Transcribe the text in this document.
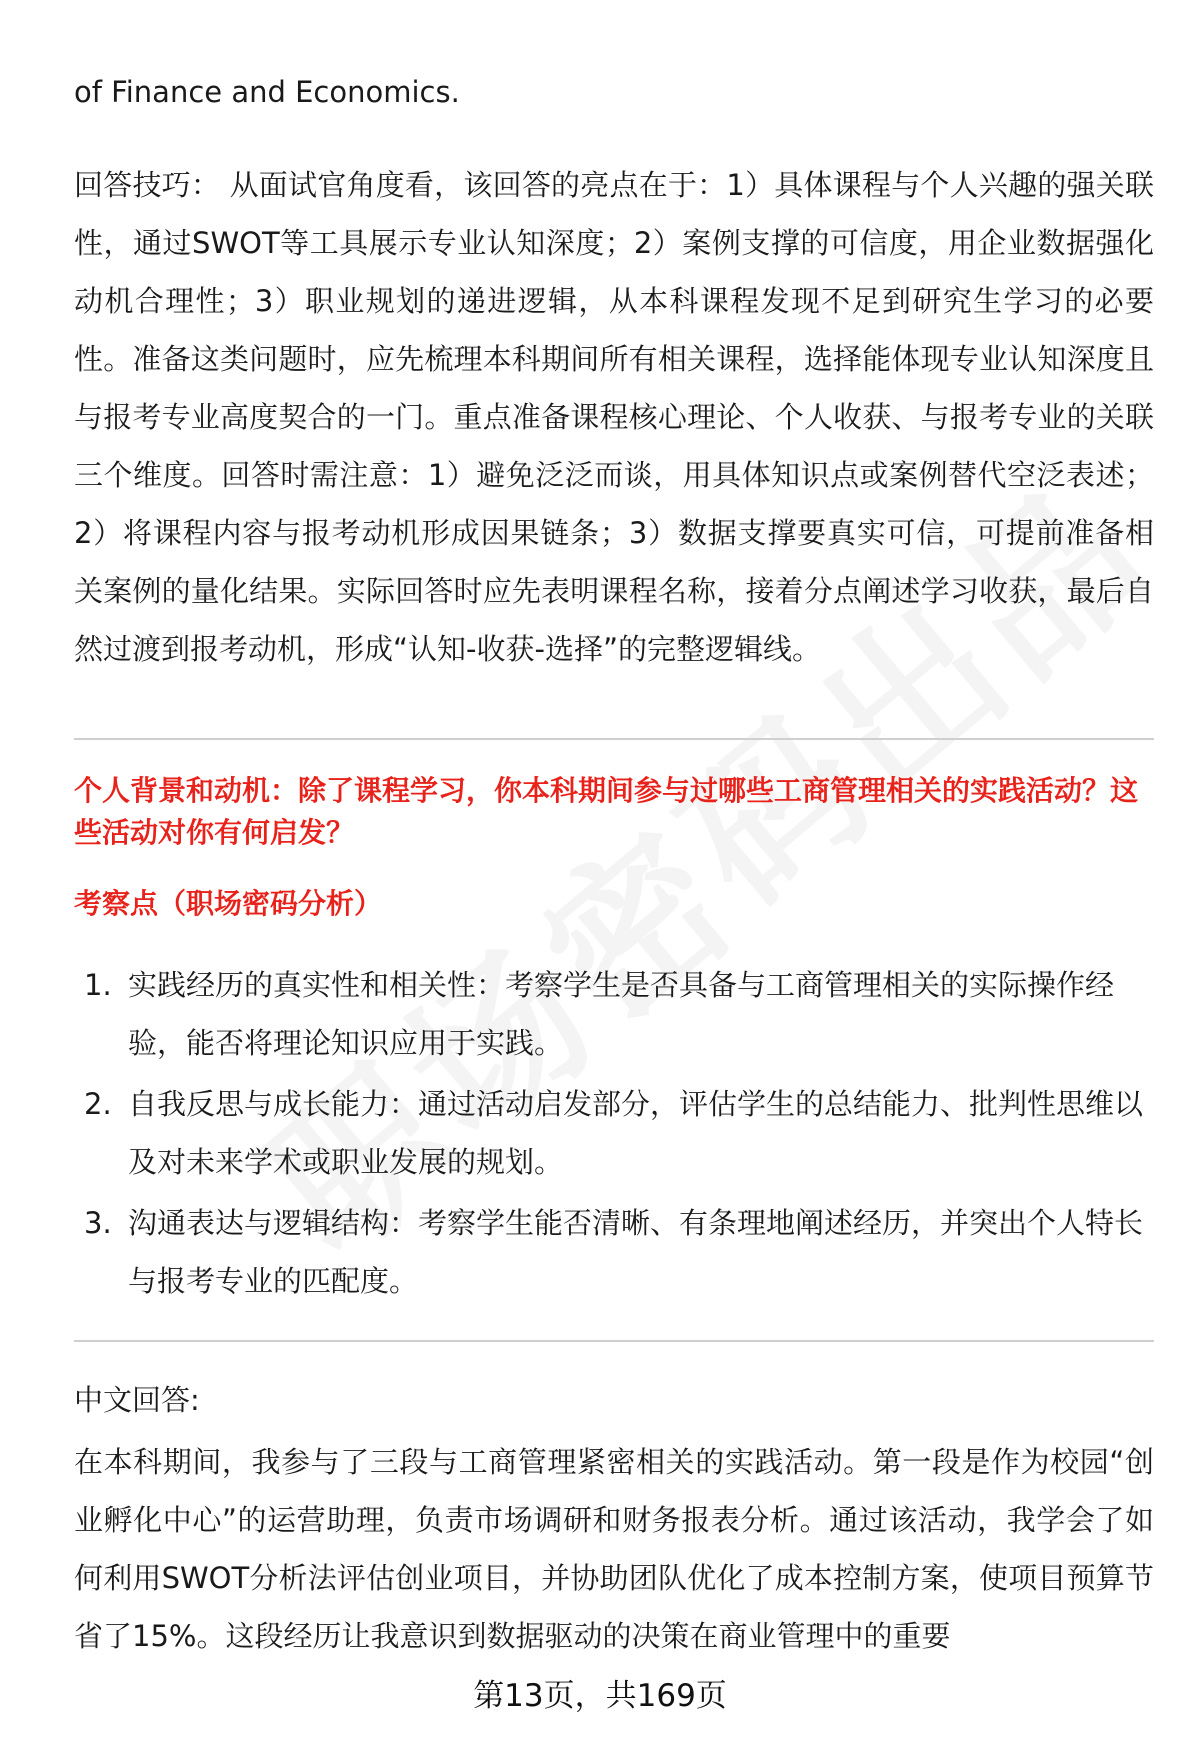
of Finance and Economics.

回答技巧： 从面试官角度看，该回答的亮点在于：1）具体课程与个人兴趣的强关联性，通过SWOT等工具展示专业认知深度；2）案例支撑的可信度，用企业数据强化动机合理性；3）职业规划的递进逻辑，从本科课程发现不足到研究生学习的必要性。准备这类问题时，应先梳理本科期间所有相关课程，选择能体现专业认知深度且与报考专业高度契合的一门。重点准备课程核心理论、个人收获、与报考专业的关联三个维度。回答时需注意：1）避免泛泛而谈，用具体知识点或案例替代空泛表述；2）将课程内容与报考动机形成因果链条；3）数据支撑要真实可信，可提前准备相关案例的量化结果。实际回答时应先表明课程名称，接着分点阐述学习收获，最后自然过渡到报考动机，形成“认知-收获-选择”的完整逻辑线。

个人背景和动机：除了课程学习，你本科期间参与过哪些工商管理相关的实践活动？这些活动对你有何启发？

考察点（职场密码分析）
1. 实践经历的真实性和相关性：考察学生是否具备与工商管理相关的实际操作经验，能否将理论知识应用于实践。
2. 自我反思与成长能力：通过活动启发部分，评估学生的总结能力、批判性思维以及对未来学术或职业发展的规划。
3. 沟通表达与逻辑结构：考察学生能否清晰、有条理地阐述经历，并突出个人特长与报考专业的匹配度。
中文回答:

在本科期间，我参与了三段与工商管理紧密相关的实践活动。第一段是作为校园“创业孵化中心”的运营助理，负责市场调研和财务报表分析。通过该活动，我学会了如何利用SWOT分析法评估创业项目，并协助团队优化了成本控制方案，使项目预算节省了15%。这段经历让我意识到数据驱动的决策在商业管理中的重要

第13页，共169页
